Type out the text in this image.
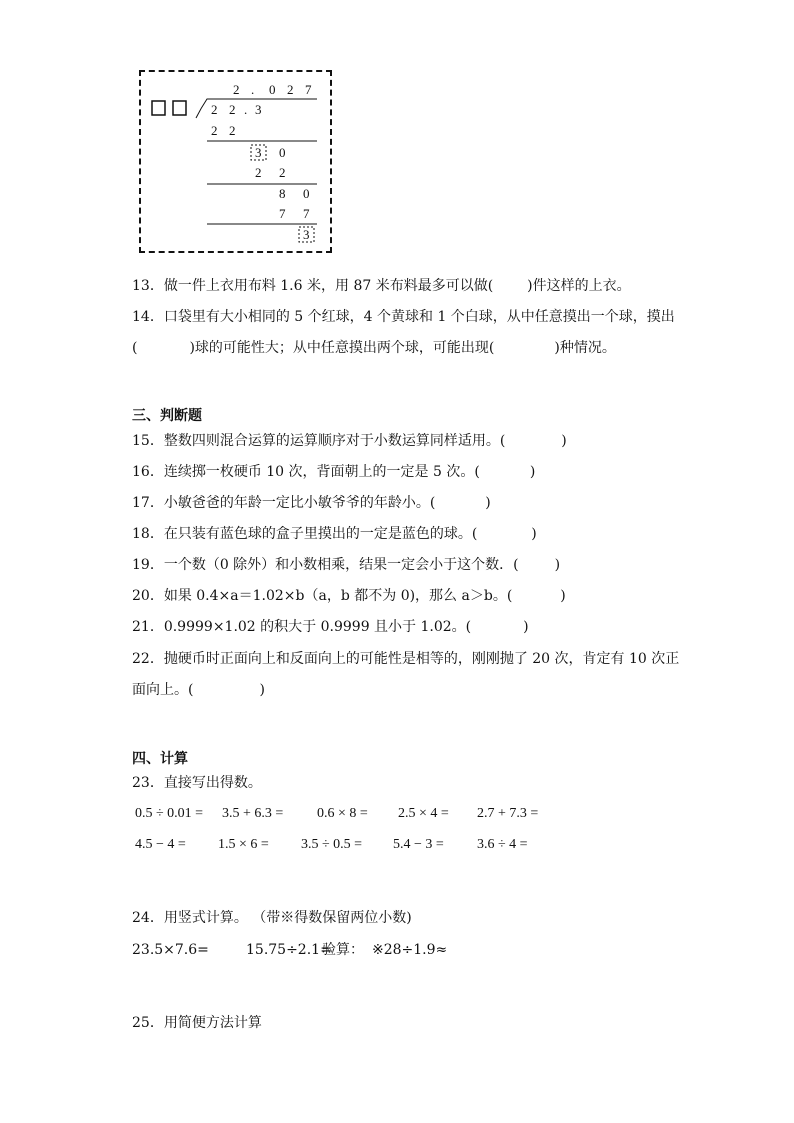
2 . 0 2 7
2 2 . 3
2 2
3 0
2 2
8 0
7 7
3
13．做一件上衣用布料 1.6 米，用 87 米布料最多可以做( )件这样的上衣。
14．口袋里有大小相同的 5 个红球，4 个黄球和 1 个白球，从中任意摸出一个球，摸出
(	)球的可能性大；从中任意摸出两个球，可能出现(	)种情况。
三、判断题
15．整数四则混合运算的运算顺序对于小数运算同样适用。(	)
16．连续掷一枚硬币 10 次，背面朝上的一定是 5 次。(	)
17．小敏爸爸的年龄一定比小敏爷爷的年龄小。(	)
18．在只装有蓝色球的盒子里摸出的一定是蓝色的球。(	)
19．一个数（0 除外）和小数相乘，结果一定会小于这个数．(	)
20．如果 0.4×a＝1.02×b（a，b 都不为 0)，那么 a＞b。(	)
21．0.9999×1.02 的积大于 0.9999 且小于 1.02。(	)
22．抛硬币时正面向上和反面向上的可能性是相等的，刚刚抛了 20 次，肯定有 10 次正
面向上。(	)
四、计算
23．直接写出得数。
0.5 ÷ 0.01 = 3.5 + 6.3 = 0.6 × 8 = 2.5 × 4 = 2.7 + 7.3 =
4.5 − 4 = 1.5 × 6 = 3.5 ÷ 0.5 = 5.4 − 3 = 3.6 ÷ 4 =
24．用竖式计算。 （带※得数保留两位小数)
23.5×7.6=	15.75÷2.1=
验算： ※28÷1.9≈
25．用简便方法计算
